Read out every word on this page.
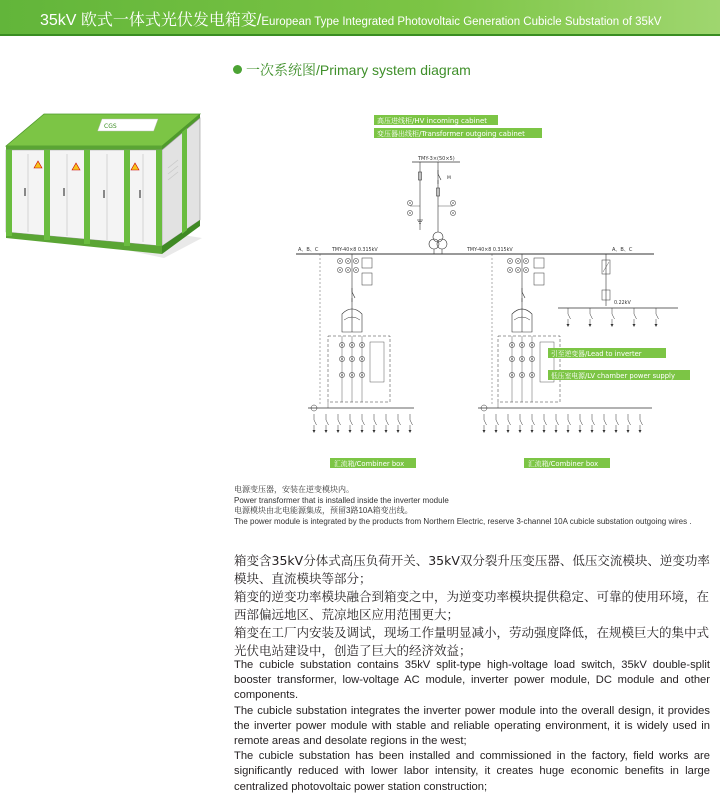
35kV 欧式一体式光伏发电箱变/European Type Integrated Photovoltaic Generation Cubicle Substation of 35kV
一次系统图/Primary system diagram
CGS
高压进线柜/HV incoming cabinet
变压器出线柜/Transformer outgoing cabinet
TMY-3×(50×5)
M
A、B、C	TMY-40×8 0.315kV	TMY-40×8 0.315kV	A、B、C
0.22kV
引至逆变器/Lead to inverter
低压室电源/LV chamber power supply
汇流箱/Combiner box	汇流箱/Combiner box
电源变压器，安装在逆变模块内。
Power transformer that is installed inside the inverter module
电源模块由北电能源集成，预留3路10A箱变出线。
The power module is integrated by the products from Northern Electric, reserve 3-channel 10A cubicle substation outgoing wires .

箱变含35kV分体式高压负荷开关、35kV双分裂升压变压器、低压交流模块、逆变功率模块、直流模块等部分；

箱变的逆变功率模块融合到箱变之中，为逆变功率模块提供稳定、可靠的使用环境，在西部偏远地区、荒凉地区应用范围更大；

箱变在工厂内安装及调试，现场工作量明显减小，劳动强度降低，在规模巨大的集中式光伏电站建设中，创造了巨大的经济效益；

The cubicle substation contains 35kV split-type high-voltage load switch, 35kV double-split booster transformer, low-voltage AC module, inverter power module, DC module and other components.

The cubicle substation integrates the inverter power module into the overall design, it provides the inverter power module with stable and reliable operating environment, it is widely used in remote areas and desolate regions in the west;

The cubicle substation has been installed and commissioned in the factory, field works are significantly reduced with lower labor intensity, it creates huge economic benefits in large centralized photovoltaic power station construction;
